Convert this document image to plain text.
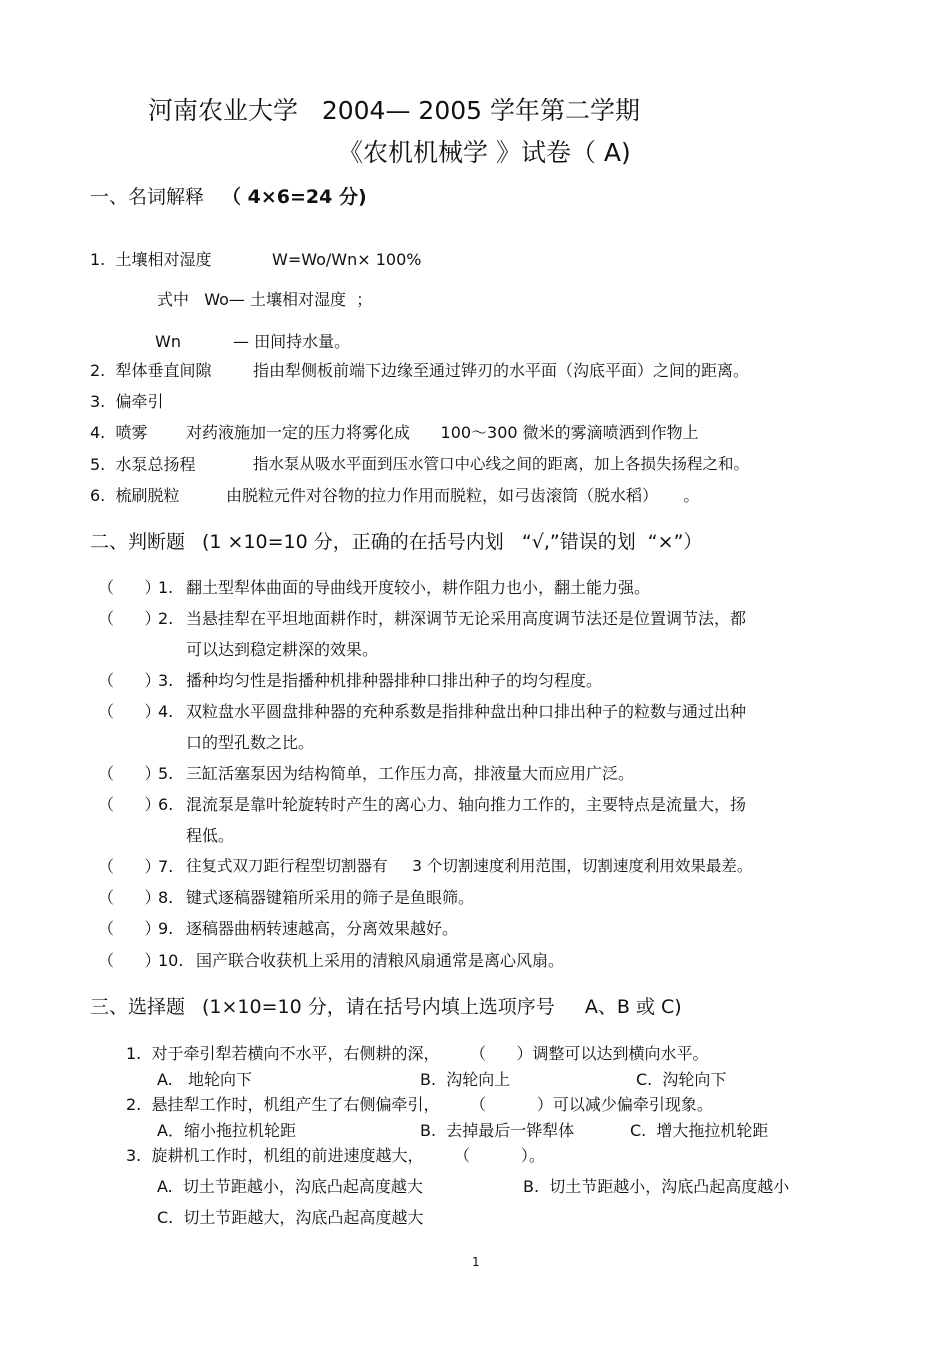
河南农业大学   2004— 2005 学年第二学期
《农机机械学 》试卷（ A)
一、名词解释 （ 4×6=24 分)
1.  土壤相对湿度	W=Wo/Wn× 100%
式中   Wo— 土壤相对湿度  ；
Wn	— 田间持水量。
2.  犁体垂直间隙	指由犁侧板前端下边缘至通过铧刃的水平面（沟底平面）之间的距离。
3.  偏牵引
4.  喷雾 对药液施加一定的压力将雾化成      100～300 微米的雾滴喷洒到作物上
5.  水泵总扬程	指水泵从吸水平面到压水管口中心线之间的距离，加上各损失扬程之和。
6.  梳刷脱粒	由脱粒元件对谷物的拉力作用而脱粒，如弓齿滚筒（脱水稻）     。
二、判断题 (1 ×10=10 分，正确的在括号内划   “√,”错误的划  “×”）
（      ）
1. 翻土型犁体曲面的导曲线开度较小，耕作阻力也小，翻土能力强。
（      ）
2. 当悬挂犁在平坦地面耕作时，耕深调节无论采用高度调节法还是位置调节法，都
可以达到稳定耕深的效果。
（      ）
3. 播种均匀性是指播种机排种器排种口排出种子的均匀程度。
（      ）
4. 双粒盘水平圆盘排种器的充种系数是指排种盘出种口排出种子的粒数与通过出种
口的型孔数之比。
（      ）
5. 三缸活塞泵因为结构简单，工作压力高，排液量大而应用广泛。
（      ）
6. 混流泵是靠叶轮旋转时产生的离心力、轴向推力工作的，主要特点是流量大，扬
程低。
（      ）
7. 往复式双刀距行程型切割器有     3 个切割速度利用范围，切割速度利用效果最差。
（      ）
8. 键式逐稿器键箱所采用的筛子是鱼眼筛。
（      ）
9. 逐稿器曲柄转速越高，分离效果越好。
（      ）
10. 国产联合收获机上采用的清粮风扇通常是离心风扇。
三、选择题 (1×10=10 分，请在括号内填上选项序号     A、B 或 C)
1.  对于牵引犁若横向不水平，右侧耕的深，      （      ）调整可以达到横向水平。
A.   地轮向下	B.  沟轮向上	C.  沟轮向下
2.  悬挂犁工作时，机组产生了右侧偏牵引，      （          ）可以减少偏牵引现象。
A．缩小拖拉机轮距	B.  去掉最后一铧犁体	C.  增大拖拉机轮距
3.  旋耕机工作时，机组的前进速度越大，      （          ）。
A.  切土节距越小，沟底凸起高度越大	B.  切土节距越小，沟底凸起高度越小
C.  切土节距越大，沟底凸起高度越大
1
